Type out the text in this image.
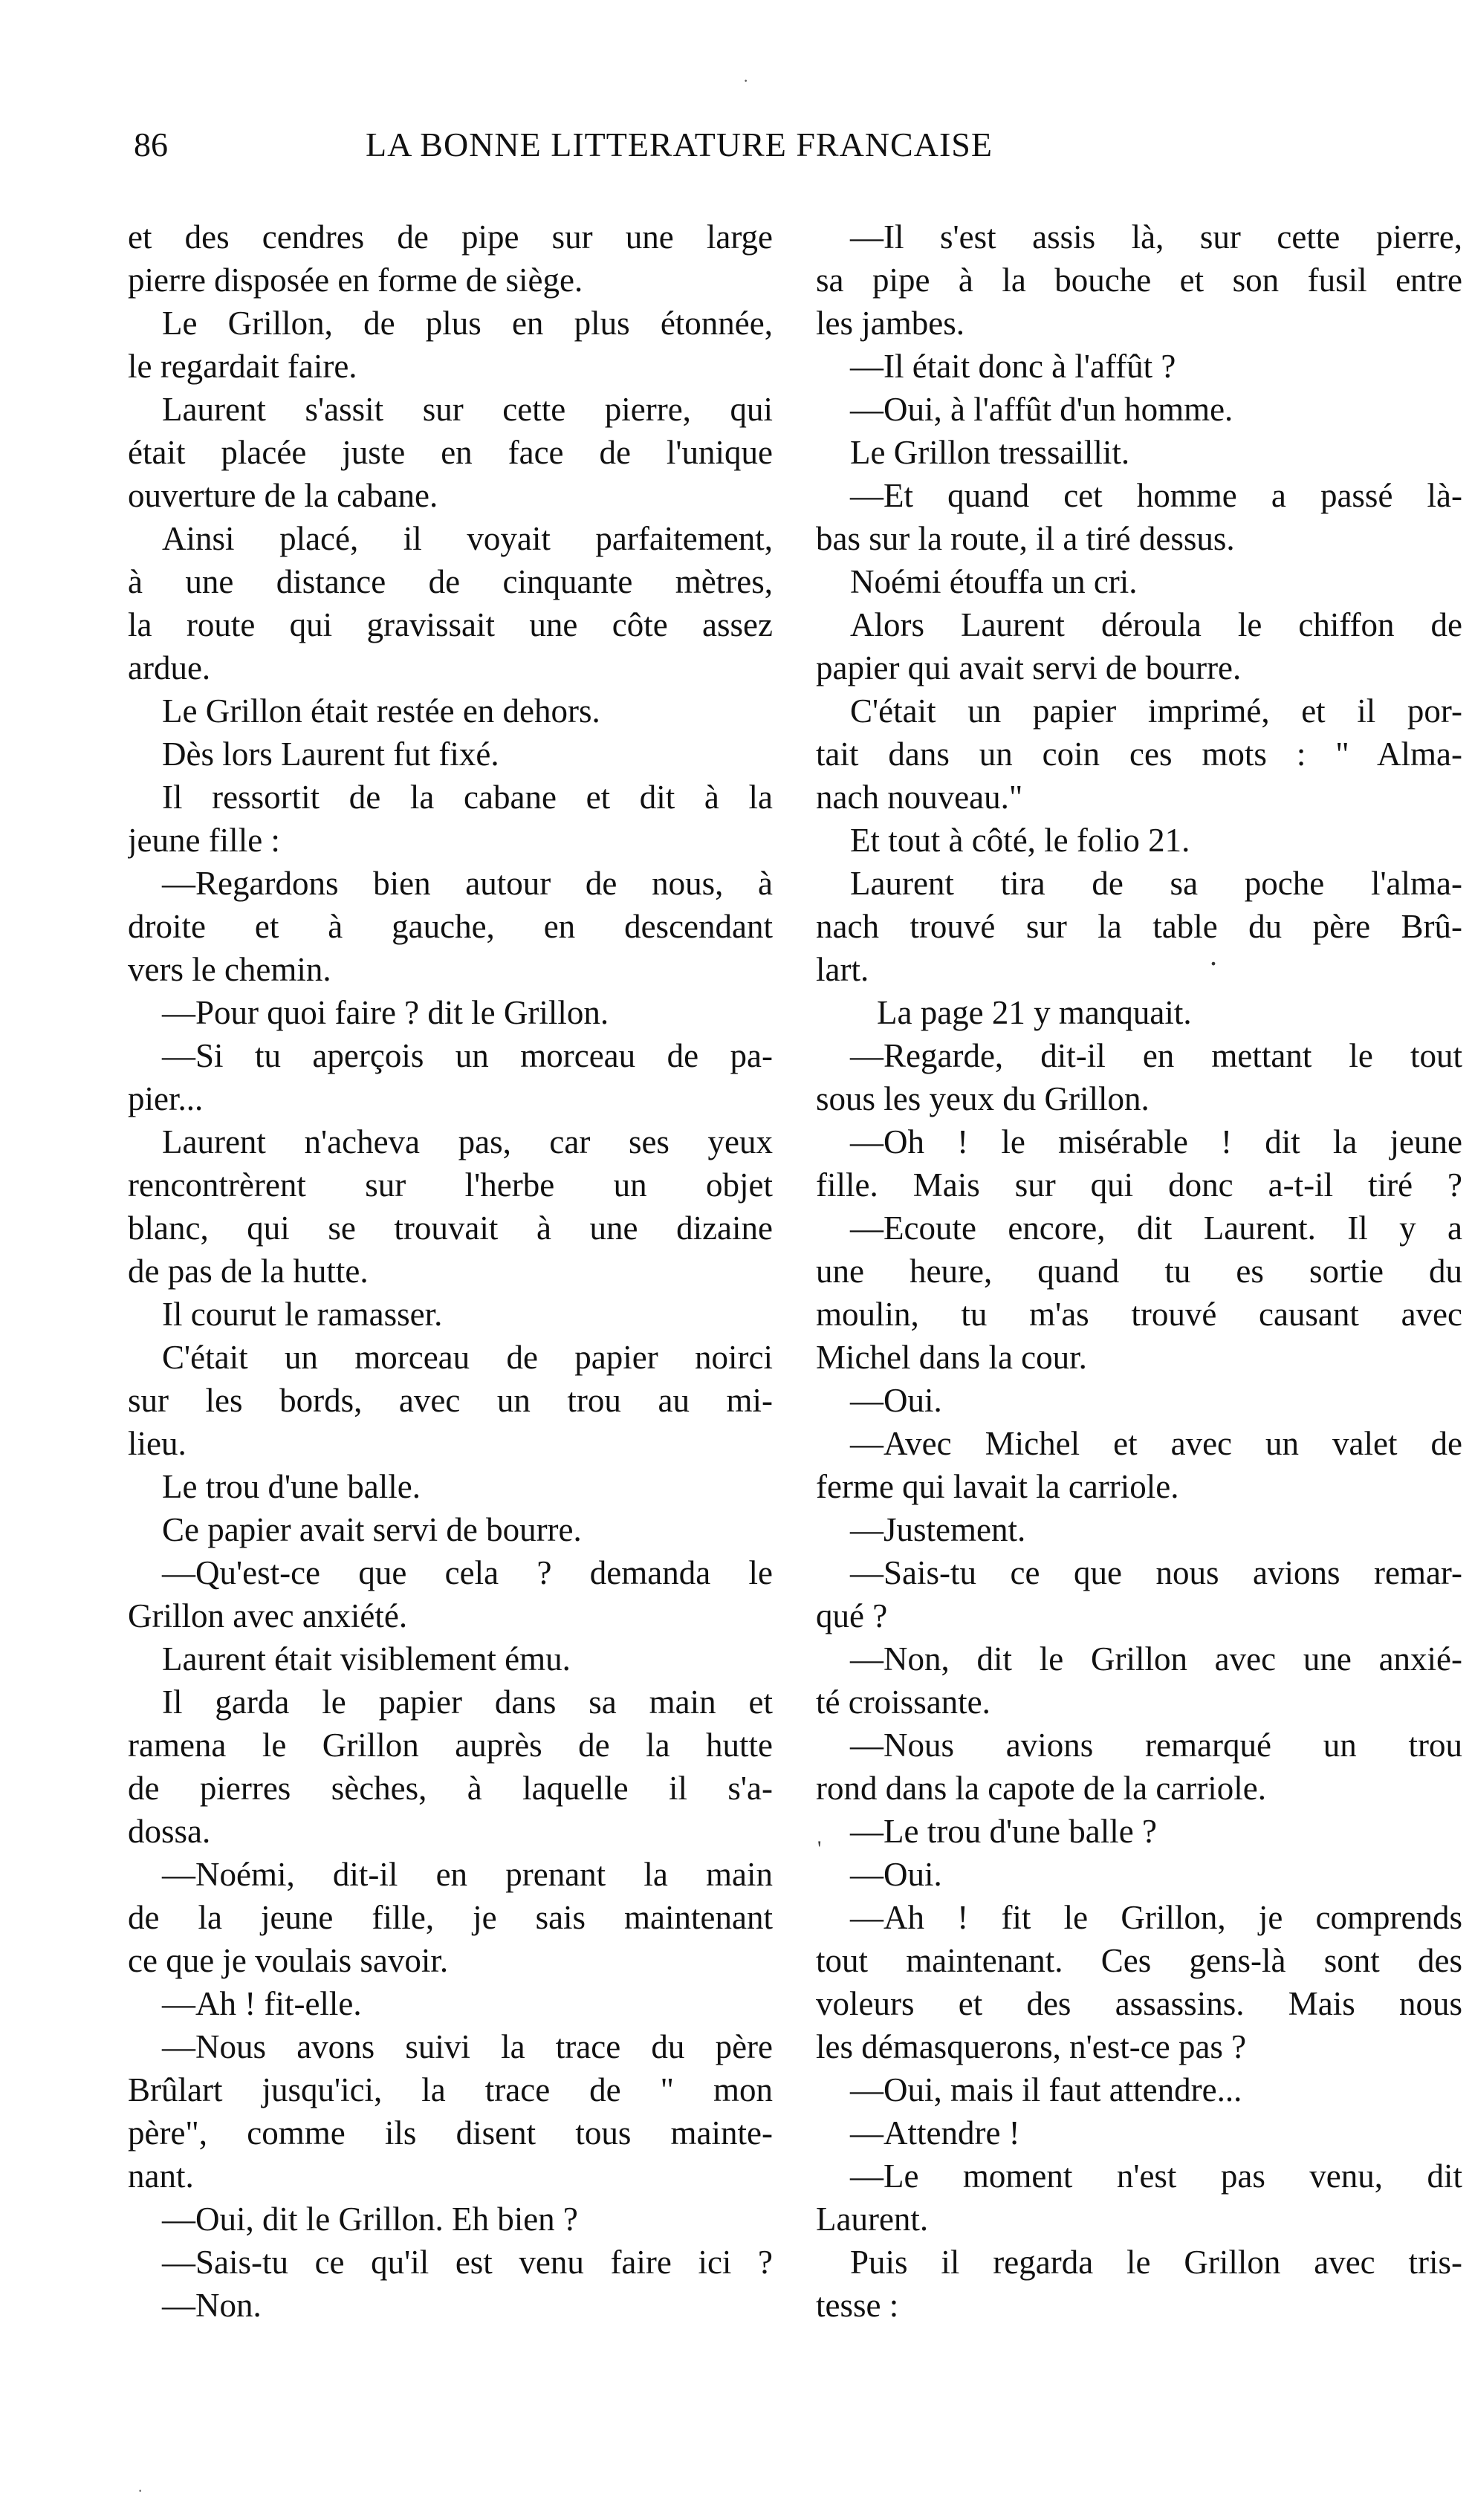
·
86	LA BONNE LITTERATURE FRANCAISE
et des cendres de pipe sur une large
pierre disposée en forme de siège.
Le Grillon, de plus en plus étonnée,
le regardait faire.
Laurent s'assit sur cette pierre, qui
était placée juste en face de l'unique
ouverture de la cabane.
Ainsi placé, il voyait parfaitement,
à une distance de cinquante mètres,
la route qui gravissait une côte assez
ardue.
Le Grillon était restée en dehors.
Dès lors Laurent fut fixé.
Il ressortit de la cabane et dit à la
jeune fille :
—Regardons bien autour de nous, à
droite et à gauche, en descendant
vers le chemin.
—Pour quoi faire ? dit le Grillon.
—Si tu aperçois un morceau de pa-
pier...
Laurent n'acheva pas, car ses yeux
rencontrèrent sur l'herbe un objet
blanc, qui se trouvait à une dizaine
de pas de la hutte.
Il courut le ramasser.
C'était un morceau de papier noirci
sur les bords, avec un trou au mi-
lieu.
Le trou d'une balle.
Ce papier avait servi de bourre.
—Qu'est-ce que cela ? demanda le
Grillon avec anxiété.
Laurent était visiblement ému.
Il garda le papier dans sa main et
ramena le Grillon auprès de la hutte
de pierres sèches, à laquelle il s'a-
dossa.
—Noémi, dit-il en prenant la main
de la jeune fille, je sais maintenant
ce que je voulais savoir.
—Ah ! fit-elle.
—Nous avons suivi la trace du père
Brûlart jusqu'ici, la trace de " mon
père", comme ils disent tous mainte-
nant.
—Oui, dit le Grillon. Eh bien ?
—Sais-tu ce qu'il est venu faire ici ?
—Non.
—Il s'est assis là, sur cette pierre,
sa pipe à la bouche et son fusil entre
les jambes.
—Il était donc à l'affût ?
—Oui, à l'affût d'un homme.
Le Grillon tressaillit.
—Et quand cet homme a passé là-
bas sur la route, il a tiré dessus.
Noémi étouffa un cri.
Alors Laurent déroula le chiffon de
papier qui avait servi de bourre.
C'était un papier imprimé, et il por-
tait dans un coin ces mots : " Alma-
nach nouveau."
Et tout à côté, le folio 21.
Laurent tira de sa poche l'alma-
nach trouvé sur la table du père Brû-
lart.
La page 21 y manquait.
—Regarde, dit-il en mettant le tout
sous les yeux du Grillon.
—Oh ! le misérable ! dit la jeune
fille. Mais sur qui donc a-t-il tiré ?
—Ecoute encore, dit Laurent. Il y a
une heure, quand tu es sortie du
moulin, tu m'as trouvé causant avec
Michel dans la cour.
—Oui.
—Avec Michel et avec un valet de
ferme qui lavait la carriole.
—Justement.
—Sais-tu ce que nous avions remar-
qué ?
—Non, dit le Grillon avec une anxié-
té croissante.
—Nous avions remarqué un trou
rond dans la capote de la carriole.
—Le trou d'une balle ?
—Oui.
—Ah ! fit le Grillon, je comprends
tout maintenant. Ces gens-là sont des
voleurs et des assassins. Mais nous
les démasquerons, n'est-ce pas ?
—Oui, mais il faut attendre...
—Attendre !
—Le moment n'est pas venu, dit
Laurent.
Puis il regarda le Grillon avec tris-
tesse :
.
'
·
